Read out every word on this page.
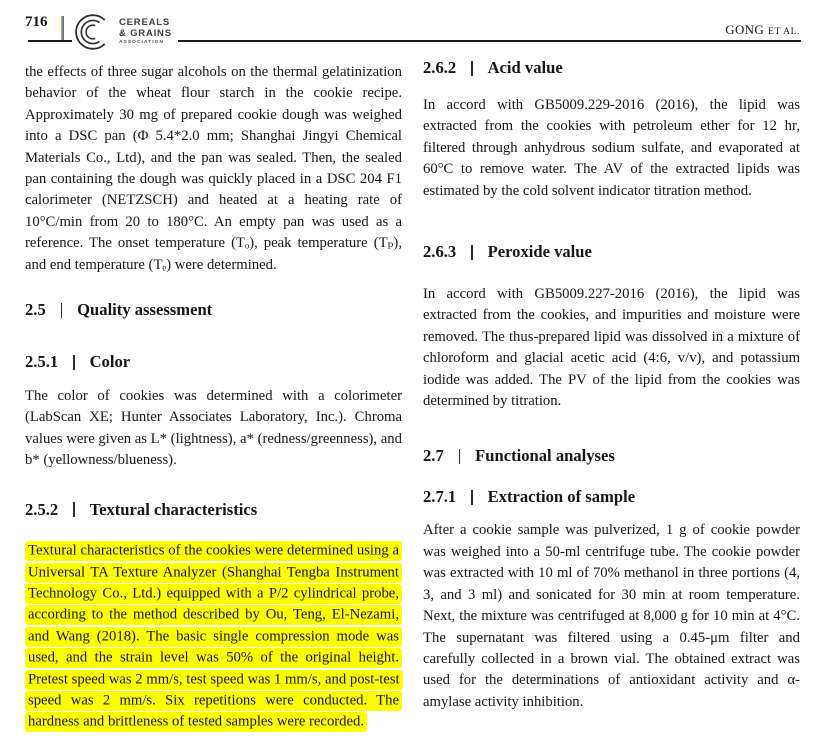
716	CEREALS
& GRAINS
ASSOCIATION
GONG ET AL.

the effects of three sugar alcohols on the thermal gelatinization behavior of the wheat flour starch in the cookie recipe. Approximately 30 mg of prepared cookie dough was weighed into a DSC pan (Φ 5.4*2.0 mm; Shanghai Jingyi Chemical Materials Co., Ltd), and the pan was sealed. Then, the sealed pan containing the dough was quickly placed in a DSC 204 F1 calorimeter (NETZSCH) and heated at a heating rate of 10°C/min from 20 to 180°C. An empty pan was used as a reference. The onset temperature (Tₒ), peak temperature (Tₚ), and end temperature (Tₑ) were determined.

2.5 Quality assessment
2.5.1 Color

The color of cookies was determined with a colorimeter (LabScan XE; Hunter Associates Laboratory, Inc.). Chroma values were given as L* (lightness), a* (redness/greenness), and b* (yellowness/blueness).

2.5.2 Textural characteristics

Textural characteristics of the cookies were determined using a Universal TA Texture Analyzer (Shanghai Tengba Instrument Technology Co., Ltd.) equipped with a P/2 cylindrical probe, according to the method described by Ou, Teng, El-Nezami, and Wang (2018). The basic single compression mode was used, and the strain level was 50% of the original height. Pretest speed was 2 mm/s, test speed was 1 mm/s, and post-test speed was 2 mm/s. Six repetitions were conducted. The hardness and brittleness of tested samples were recorded.

2.6.2 Acid value

In accord with GB5009.229-2016 (2016), the lipid was extracted from the cookies with petroleum ether for 12 hr, filtered through anhydrous sodium sulfate, and evaporated at 60°C to remove water. The AV of the extracted lipids was estimated by the cold solvent indicator titration method.

2.6.3 Peroxide value

In accord with GB5009.227-2016 (2016), the lipid was extracted from the cookies, and impurities and moisture were removed. The thus-prepared lipid was dissolved in a mixture of chloroform and glacial acetic acid (4:6, v/v), and potassium iodide was added. The PV of the lipid from the cookies was determined by titration.

2.7 Functional analyses
2.7.1 Extraction of sample

After a cookie sample was pulverized, 1 g of cookie powder was weighed into a 50-ml centrifuge tube. The cookie powder was extracted with 10 ml of 70% methanol in three portions (4, 3, and 3 ml) and sonicated for 30 min at room temperature. Next, the mixture was centrifuged at 8,000 g for 10 min at 4°C. The supernatant was filtered using a 0.45-μm filter and carefully collected in a brown vial. The obtained extract was used for the determinations of antioxidant activity and α-amylase activity inhibition.
